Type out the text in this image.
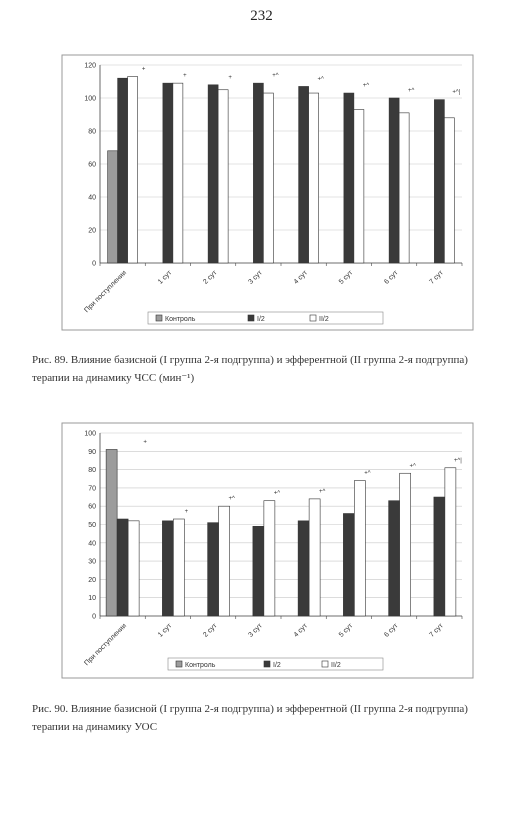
232
0
20
40
60
80
100
120
+
При поступлении
+
1 сут
+
2 сут
+^
3 сут
+^
4 сут
+^
5 сут
+^
6 сут
+^|
7 сут
Контроль	I/2	II/2
0
10
20
30
40
50
60
70
80
90
100
+
При поступлении
+
1 сут
+^
2 сут
+^
3 сут
+^
4 сут
+^
5 сут
+^
6 сут
+^|
7 сут
Контроль	I/2	II/2
Рис. 89. Влияние базисной (I группа 2-я подгруппа) и эфферентной (II группа 2-я подгруппа) терапии на динамику ЧСС (мин⁻¹)
Рис. 90. Влияние базисной (I группа 2-я подгруппа) и эфферентной (II группа 2-я подгруппа) терапии на динамику УОС
